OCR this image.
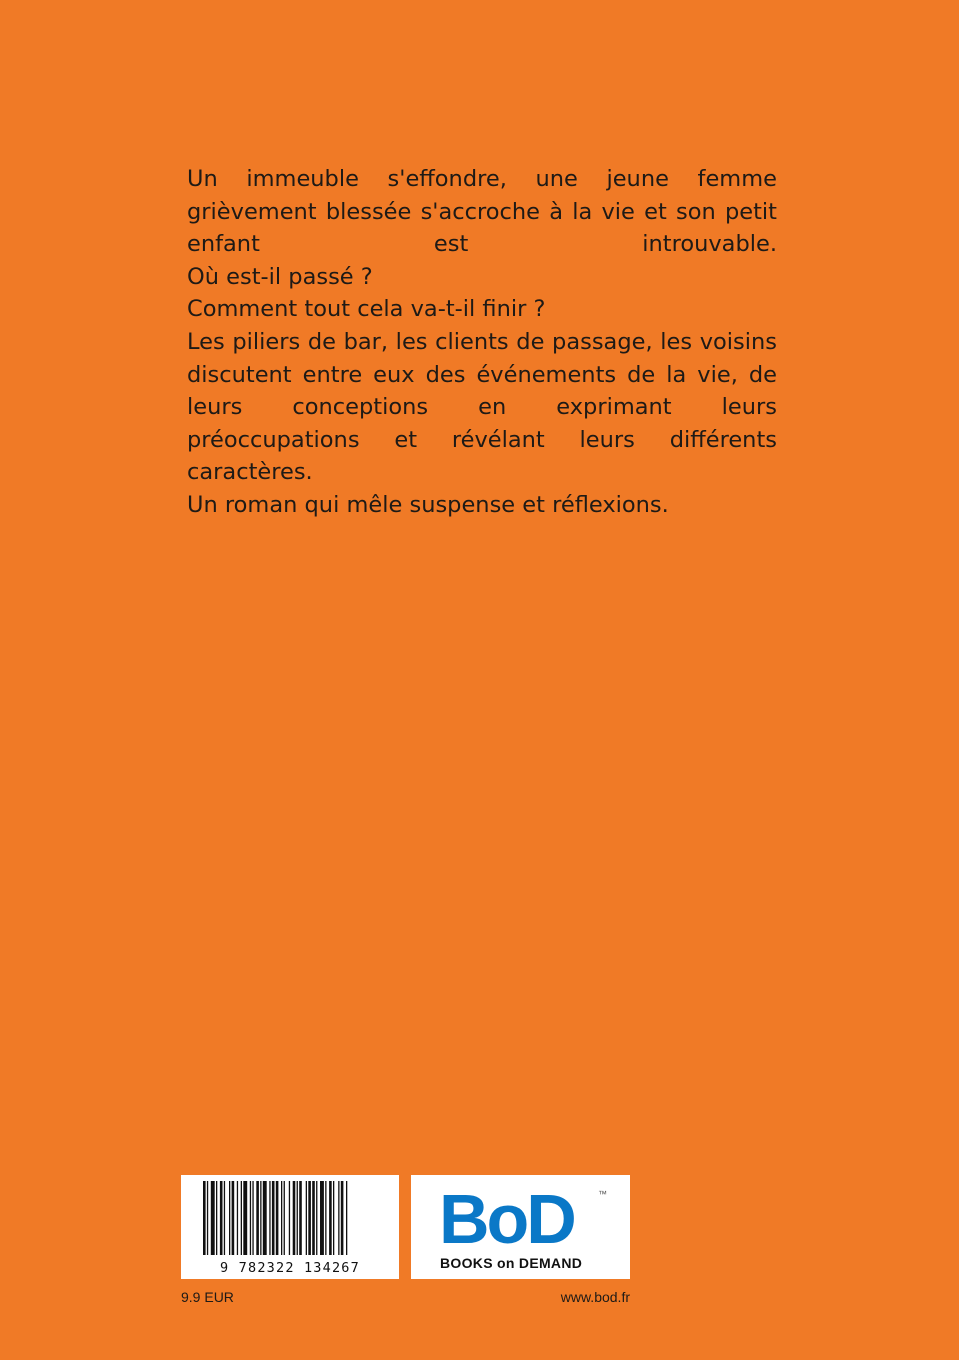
Un immeuble s'effondre, une jeune femme grièvement blessée s'accroche à la vie et son petit enfant est introuvable.

Où est-il passé ?

Comment tout cela va-t-il finir ?

Les piliers de bar, les clients de passage, les voisins discutent entre eux des événements de la vie, de leurs conceptions en exprimant leurs préoccupations et révélant leurs différents caractères.

Un roman qui mêle suspense et réflexions.

9 782322 134267
BoD	™
BOOKS on DEMAND
9.9 EUR	www.bod.fr
